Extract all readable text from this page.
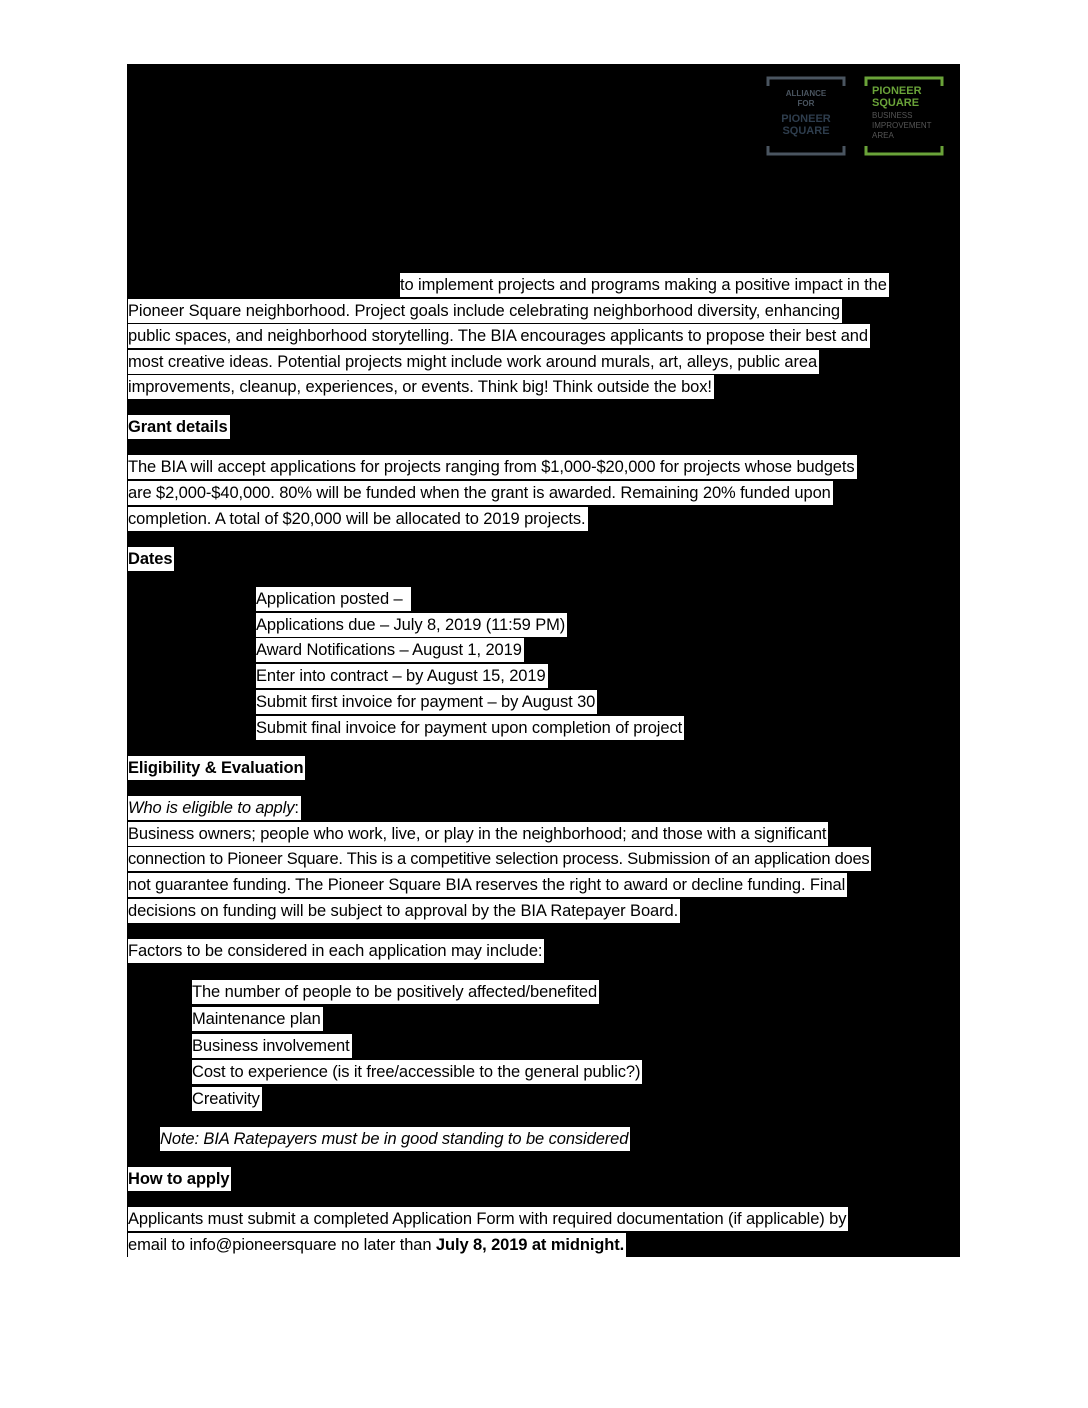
ALLIANCE
FOR
PIONEER
SQUARE
PIONEER
SQUARE
BUSINESS
IMPROVEMENT
AREA
to implement projects and programs making a positive impact in the
Pioneer Square neighborhood. Project goals include celebrating neighborhood diversity, enhancing
public spaces, and neighborhood storytelling. The BIA encourages applicants to propose their best and
most creative ideas. Potential projects might include work around murals, art, alleys, public area
improvements, cleanup, experiences, or events. Think big! Think outside the box!
Grant details
The BIA will accept applications for projects ranging from $1,000-$20,000 for projects whose budgets
are $2,000-$40,000. 80% will be funded when the grant is awarded. Remaining 20% funded upon
completion. A total of $20,000 will be allocated to 2019 projects.
Dates
Application posted –
Applications due – July 8, 2019 (11:59 PM)
Award Notifications – August 1, 2019
Enter into contract – by August 15, 2019
Submit first invoice for payment – by August 30
Submit final invoice for payment upon completion of project
Eligibility & Evaluation
Who is eligible to apply:
Business owners; people who work, live, or play in the neighborhood; and those with a significant
connection to Pioneer Square. This is a competitive selection process. Submission of an application does
not guarantee funding. The Pioneer Square BIA reserves the right to award or decline funding. Final
decisions on funding will be subject to approval by the BIA Ratepayer Board.
Factors to be considered in each application may include:
The number of people to be positively affected/benefited
Maintenance plan
Business involvement
Cost to experience (is it free/accessible to the general public?)
Creativity
Note: BIA Ratepayers must be in good standing to be considered
How to apply
Applicants must submit a completed Application Form with required documentation (if applicable) by
email to info@pioneersquare no later than July 8, 2019 at midnight.
